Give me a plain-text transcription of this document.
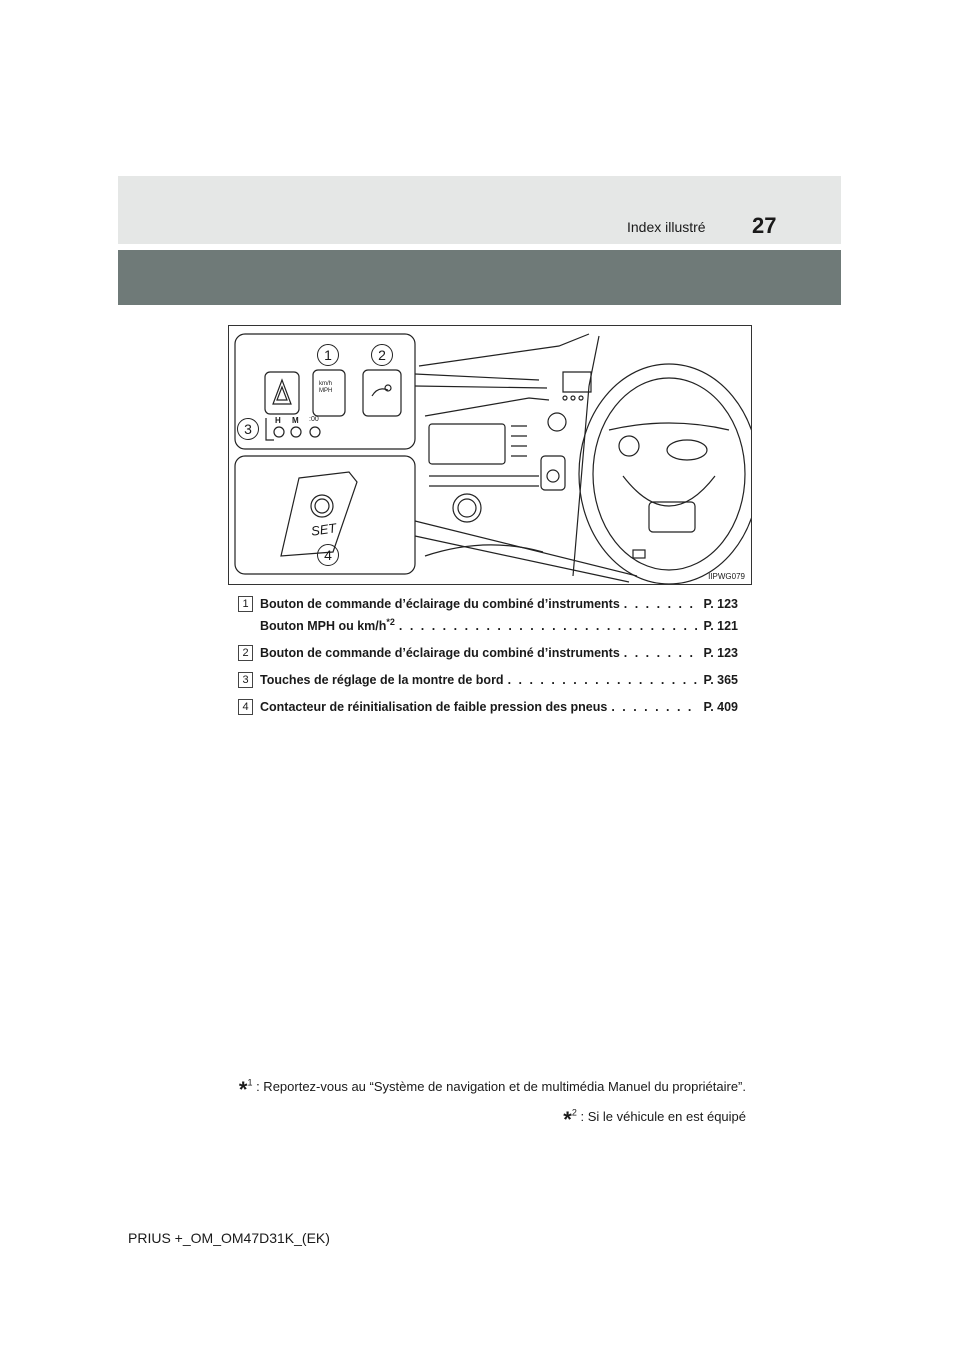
Index illustré 27
1	2
3
4
km/h
MPH
H M :00
SET
IIPWG079
1 Bouton de commande d’éclairage du combiné d’instruments . . .	P. 123
Bouton MPH ou $km/h^{*2}$ . . .	P. 121
2 Bouton de commande d’éclairage du combiné d’instruments . . .	P. 123
3 Touches de réglage de la montre de bord . . .	P. 365
4 Contacteur de réinitialisation de faible pression des pneus . . .	P. 409
*$^1$ : Reportez-vous au “Système de navigation et de multimédia Manuel du propriétaire”.
*$^2$ : Si le véhicule en est équipé
PRIUS +_OM_OM47D31K_(EK)
